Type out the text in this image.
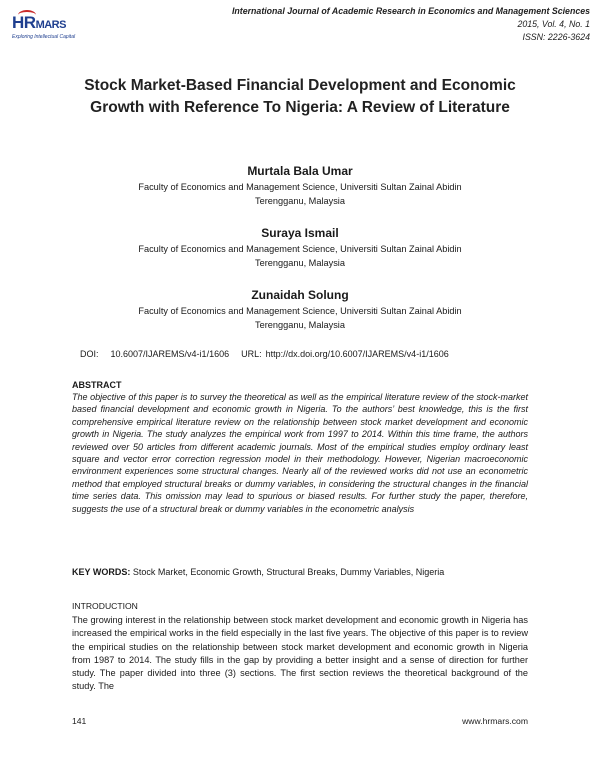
HRMARS
Exploring Intellectual Capital
International Journal of Academic Research in Economics and Management Sciences
2015, Vol. 4, No. 1
ISSN: 2226-3624
Stock Market-Based Financial Development and Economic Growth with Reference To Nigeria: A Review of Literature
Murtala Bala Umar
Faculty of Economics and Management Science, Universiti Sultan Zainal Abidin
Terengganu, Malaysia
Suraya Ismail
Faculty of Economics and Management Science, Universiti Sultan Zainal Abidin
Terengganu, Malaysia
Zunaidah Solung
Faculty of Economics and Management Science, Universiti Sultan Zainal Abidin
Terengganu, Malaysia
DOI: 10.6007/IJAREMS/v4-i1/1606 URL: http://dx.doi.org/10.6007/IJAREMS/v4-i1/1606
ABSTRACT

The objective of this paper is to survey the theoretical as well as the empirical literature review of the stock-market based financial development and economic growth in Nigeria. To the authors’ best knowledge, this is the first comprehensive empirical literature review on the relationship between stock market development and economic growth in Nigeria. The study analyzes the empirical work from 1997 to 2014. Within this time frame, the authors reviewed over 50 articles from different academic journals. Most of the empirical studies employ ordinary least square and vector error correction regression model in their methodology. However, Nigerian macroeconomic environment experiences some structural changes. Nearly all of the reviewed works did not use an econometric method that employed structural breaks or dummy variables, in considering the structural changes in the financial time series data. This omission may lead to spurious or biased results. For further study the paper, therefore, suggests the use of a structural break or dummy variables in the econometric analysis

KEY WORDS: Stock Market, Economic Growth, Structural Breaks, Dummy Variables, Nigeria

INTRODUCTION

The growing interest in the relationship between stock market development and economic growth in Nigeria has increased the empirical works in the field especially in the last five years. The objective of this paper is to review the empirical studies on the relationship between stock market development and economic growth in Nigeria from 1987 to 2014. The study fills in the gap by providing a better insight and a sense of direction for further study. The paper divided into three (3) sections. The first section reviews the theoretical background of the study. The

141	www.hrmars.com
